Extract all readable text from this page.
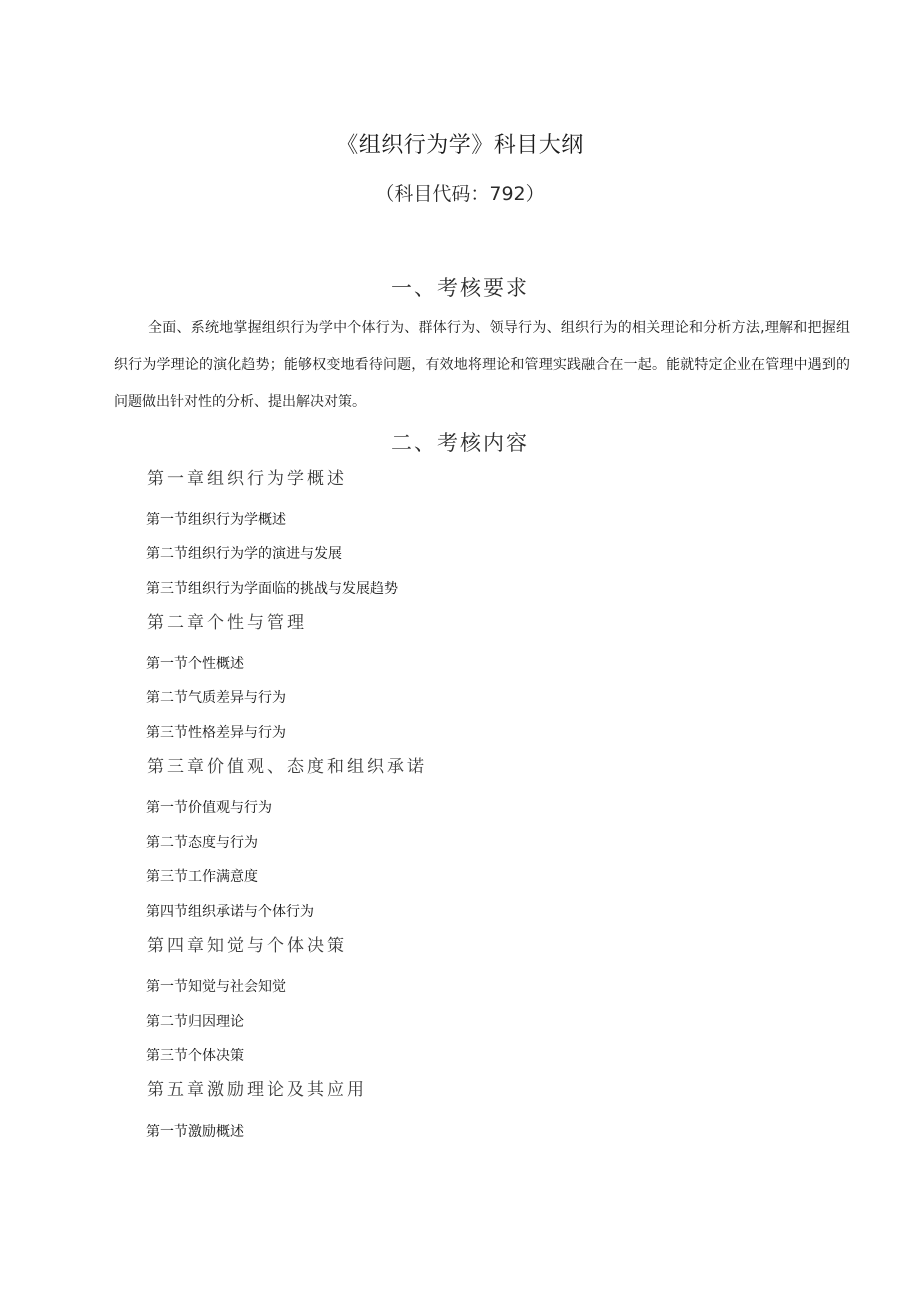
《组织行为学》科目大纲
（科目代码：792）
一、考核要求
全面、系统地掌握组织行为学中个体行为、群体行为、领导行为、组织行为的相关理论和分析方法,理解和把握组织行为学理论的演化趋势；能够权变地看待问题，有效地将理论和管理实践融合在一起。能就特定企业在管理中遇到的问题做出针对性的分析、提出解决对策。
二、考核内容
第一章组织行为学概述
第一节组织行为学概述
第二节组织行为学的演进与发展
第三节组织行为学面临的挑战与发展趋势
第二章个性与管理
第一节个性概述
第二节气质差异与行为
第三节性格差异与行为
第三章价值观、态度和组织承诺
第一节价值观与行为
第二节态度与行为
第三节工作满意度
第四节组织承诺与个体行为
第四章知觉与个体决策
第一节知觉与社会知觉
第二节归因理论
第三节个体决策
第五章激励理论及其应用
第一节激励概述
